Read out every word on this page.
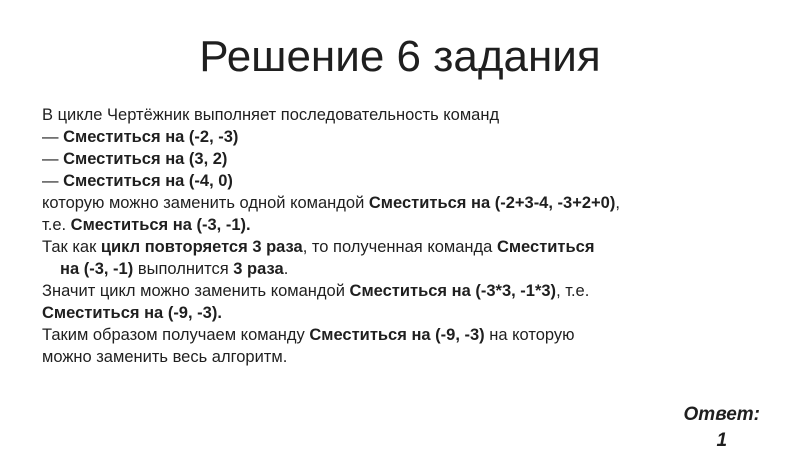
Решение 6 задания

В цикле Чертёжник выполняет последовательность команд

— Сместиться на (-2, -3)

— Сместиться на (3, 2)

— Сместиться на (-4, 0)

которую можно заменить одной командой Сместиться на (-2+3-4, -3+2+0),
т.е. Сместиться на (-3, -1).
Так как цикл повторяется 3 раза, то полученная команда Сместиться
на (-3, -1) выполнится 3 раза.
Значит цикл можно заменить командой Сместиться на (-3*3, -1*3), т.е.
Сместиться на (-9, -3).
Таким образом получаем команду Сместиться на (-9, -3) на которую
можно заменить весь алгоритм.
Ответ:
1
